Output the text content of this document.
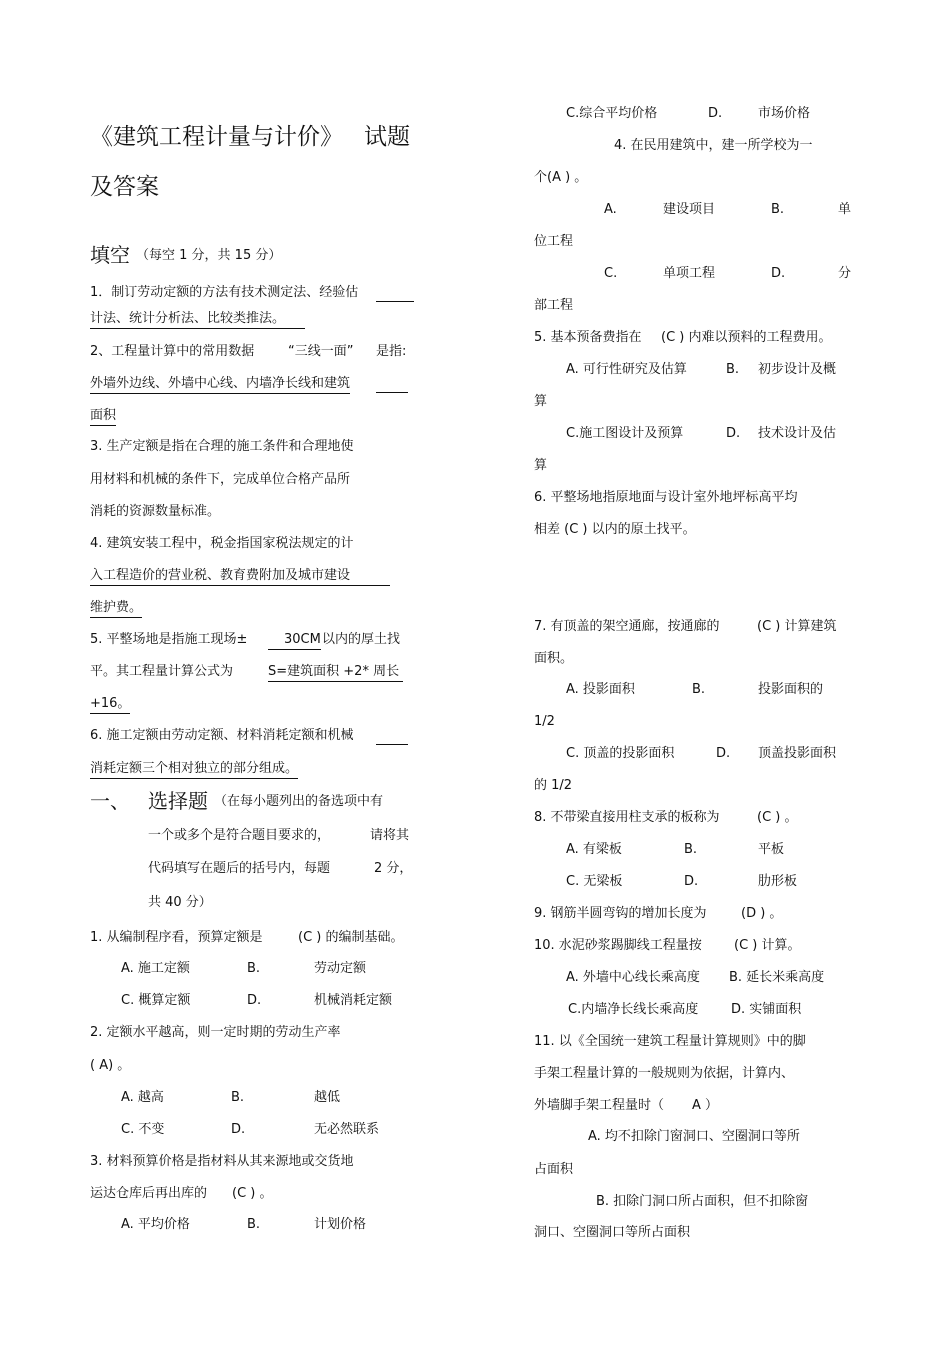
《建筑工程计量与计价》 试题
及答案
填空 （每空 1 分，共 15 分）
1．制订劳动定额的方法有技术测定法、经验估
计法、统计分析法、比较类推法。
2、工程量计算中的常用数据	“三线一面” 是指:
外墙外边线、外墙中心线、内墙净长线和建筑
面积
3. 生产定额是指在合理的施工条件和合理地使
用材料和机械的条件下，完成单位合格产品所
消耗的资源数量标准。
4. 建筑安装工程中，税金指国家税法规定的计
入工程造价的营业税、教育费附加及城市建设
维护费。
5. 平整场地是指施工现场±	30CM 以内的厚土找
平。其工程量计算公式为	S=建筑面积 +2* 周长
+16。
6. 施工定额由劳动定额、材料消耗定额和机械
消耗定额三个相对独立的部分组成。
一、 选择题 （在每小题列出的备选项中有
一个或多个是符合题目要求的，	请将其
代码填写在题后的括号内，每题	2 分，
共 40 分）
1. 从编制程序看，预算定额是	(C ) 的编制基础。
A. 施工定额	B.	劳动定额
C. 概算定额	D.	机械消耗定额
2. 定额水平越高，则一定时期的劳动生产率
( A) 。
A. 越高	B.	越低
C. 不变	D.	无必然联系
3. 材料预算价格是指材料从其来源地或交货地
运达仓库后再出库的 (C ) 。
A. 平均价格	B.	计划价格
C.综合平均价格	D.	市场价格
4. 在民用建筑中，建一所学校为一
个(A ) 。
A.	建设项目	B.	单
位工程
C.	单项工程	D.	分
部工程
5. 基本预备费指在 (C ) 内难以预料的工程费用。
A. 可行性研究及估算	B. 初步设计及概
算
C.施工图设计及预算	D. 技术设计及估
算
6. 平整场地指原地面与设计室外地坪标高平均
相差 (C ) 以内的原土找平。
7. 有顶盖的架空通廊，按通廊的	(C ) 计算建筑
面积。
A. 投影面积	B.	投影面积的
1/2
C. 顶盖的投影面积	D. 顶盖投影面积
的 1/2
8. 不带梁直接用柱支承的板称为	(C ) 。
A. 有梁板	B.	平板
C. 无梁板	D.	肋形板
9. 钢筋半圆弯钩的增加长度为	(D ) 。
10. 水泥砂浆踢脚线工程量按 (C ) 计算。
A. 外墙中心线长乘高度 B. 延长米乘高度
C.内墙净长线长乘高度	D. 实铺面积
11. 以《全国统一建筑工程量计算规则》中的脚
手架工程量计算的一般规则为依据，计算内、
外墙脚手架工程量时（ A ）
A. 均不扣除门窗洞口、空圈洞口等所
占面积
B. 扣除门洞口所占面积，但不扣除窗
洞口、空圈洞口等所占面积
